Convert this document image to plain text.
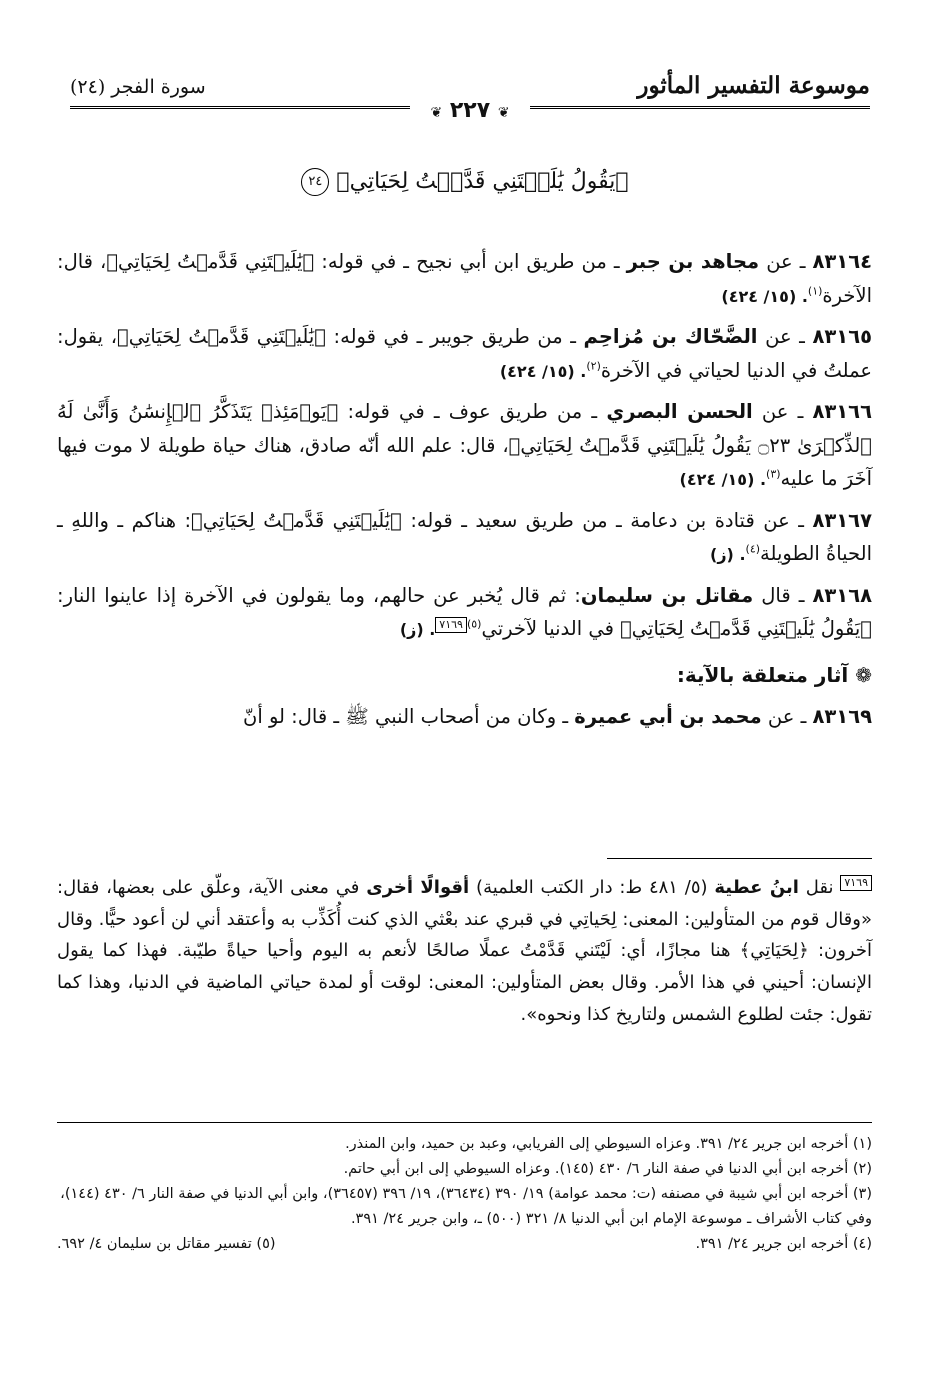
موسوعة التفسير المأثور
سورة الفجر (٢٤)
❦ ٢٢٧ ❦
﴿يَقُولُ يَٰلَيۡتَنِي قَدَّمۡتُ لِحَيَاتِي﴾ ٢٤

٨٣١٦٤ ـ عن مجاهد بن جبر ـ من طريق ابن أبي نجيح ـ في قوله: ﴿يَٰلَيۡتَنِي قَدَّمۡتُ لِحَيَاتِي﴾، قال: الآخرة$^{(١)}$. (١٥/ ٤٢٤)

٨٣١٦٥ ـ عن الضَّحّاك بن مُزاحِم ـ من طريق جويبر ـ في قوله: ﴿يَٰلَيۡتَنِي قَدَّمۡتُ لِحَيَاتِي﴾، يقول: عملتُ في الدنيا لحياتي في الآخرة$^{(٢)}$. (١٥/ ٤٢٤)

٨٣١٦٦ ـ عن الحسن البصري ـ من طريق عوف ـ في قوله: ﴿يَوۡمَئِذٖ يَتَذَكَّرُ ٱلۡإِنسَٰنُ وَأَنَّىٰ لَهُ ٱلذِّكۡرَىٰ ۝٢٣ يَقُولُ يَٰلَيۡتَنِي قَدَّمۡتُ لِحَيَاتِي﴾، قال: علم الله أنّه صادق، هناك حياة طويلة لا موت فيها آخَرَ ما عليه$^{(٣)}$. (١٥/ ٤٢٤)

٨٣١٦٧ ـ عن قتادة بن دعامة ـ من طريق سعيد ـ قوله: ﴿يَٰلَيۡتَنِي قَدَّمۡتُ لِحَيَاتِي﴾: هناكم ـ واللهِ ـ الحياةُ الطويلة$^{(٤)}$. (ز)

٨٣١٦٨ ـ قال مقاتل بن سليمان: ثم قال يُخبر عن حالهم، وما يقولون في الآخرة إذا عاينوا النار: ﴿يَقُولُ يَٰلَيۡتَنِي قَدَّمۡتُ لِحَيَاتِي﴾ في الدنيا لآخرتي$^{(٥)}$٧١٦٩. (ز)

❁ آثار متعلقة بالآية:

٨٣١٦٩ ـ عن محمد بن أبي عميرة ـ وكان من أصحاب النبي ﷺ ـ قال: لو أنّ

٧١٦٩ نقل ابنُ عطية (٥/ ٤٨١ ط: دار الكتب العلمية) أقوالًا أخرى في معنى الآية، وعلّق على بعضها، فقال: «وقال قوم من المتأولين: المعنى: لِحَياتِي في قبري عند بعْثي الذي كنت أُكَذِّب به وأعتقد أني لن أعود حيًّا. وقال آخرون: ﴿لِحَيَاتِي﴾ هنا مجازًا، أي: لَيْتَني قَدَّمْتُ عملًا صالحًا لأنعم به اليوم وأحيا حياةً طيّبة. فهذا كما يقول الإنسان: أحيني في هذا الأمر. وقال بعض المتأولين: المعنى: لوقت أو لمدة حياتي الماضية في الدنيا، وهذا كما تقول: جئت لطلوع الشمس ولتاريخ كذا ونحوه».

(١) أخرجه ابن جرير ٢٤/ ٣٩١. وعزاه السيوطي إلى الفريابي، وعبد بن حميد، وابن المنذر.

(٢) أخرجه ابن أبي الدنيا في صفة النار ٦/ ٤٣٠ (١٤٥). وعزاه السيوطي إلى ابن أبي حاتم.

(٣) أخرجه ابن أبي شيبة في مصنفه (ت: محمد عوامة) ١٩/ ٣٩٠ (٣٦٤٣٤)، ١٩/ ٣٩٦ (٣٦٤٥٧)، وابن أبي الدنيا في صفة النار ٦/ ٤٣٠ (١٤٤)، وفي كتاب الأشراف ـ موسوعة الإمام ابن أبي الدنيا ٨/ ٣٢١ (٥٠٠) ـ، وابن جرير ٢٤/ ٣٩١.

(٤) أخرجه ابن جرير ٢٤/ ٣٩١.
(٥) تفسير مقاتل بن سليمان ٤/ ٦٩٢.
